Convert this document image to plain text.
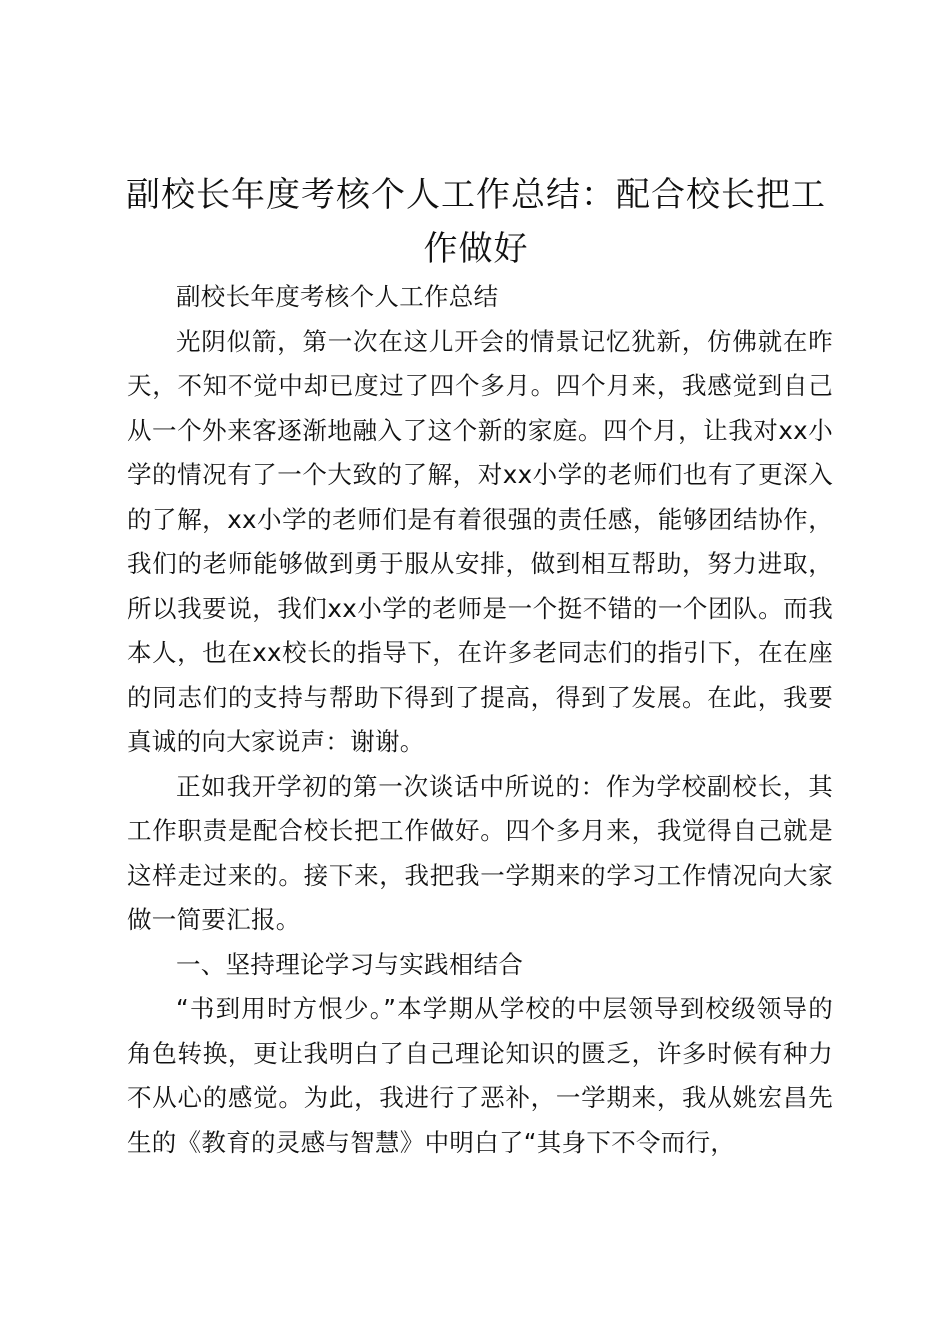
副校长年度考核个人工作总结：配合校长把工作做好

副校长年度考核个人工作总结

光阴似箭，第一次在这儿开会的情景记忆犹新，仿佛就在昨天，不知不觉中却已度过了四个多月。四个月来，我感觉到自己从一个外来客逐渐地融入了这个新的家庭。四个月，让我对xx小学的情况有了一个大致的了解，对xx小学的老师们也有了更深入的了解，xx小学的老师们是有着很强的责任感，能够团结协作，我们的老师能够做到勇于服从安排，做到相互帮助，努力进取，所以我要说，我们xx小学的老师是一个挺不错的一个团队。而我本人，也在xx校长的指导下，在许多老同志们的指引下，在在座的同志们的支持与帮助下得到了提高，得到了发展。在此，我要真诚的向大家说声：谢谢。

正如我开学初的第一次谈话中所说的：作为学校副校长，其工作职责是配合校长把工作做好。四个多月来，我觉得自己就是这样走过来的。接下来，我把我一学期来的学习工作情况向大家做一简要汇报。

一、坚持理论学习与实践相结合

“书到用时方恨少。”本学期从学校的中层领导到校级领导的角色转换，更让我明白了自己理论知识的匮乏，许多时候有种力不从心的感觉。为此，我进行了恶补，一学期来，我从姚宏昌先生的《教育的灵感与智慧》中明白了“其身下不令而行，
